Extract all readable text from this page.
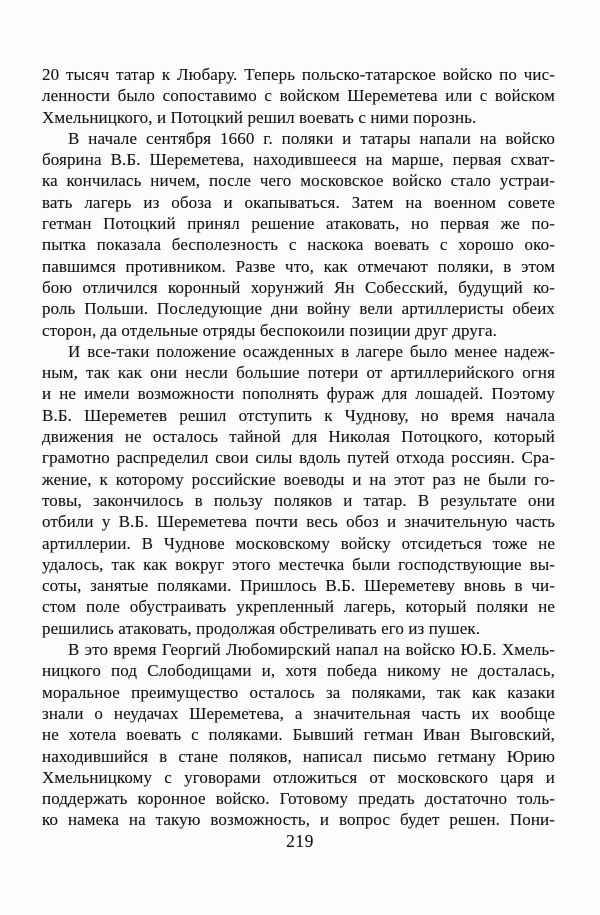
20 тысяч татар к Любару. Теперь польско-татарское войско по чис-
ленности было сопоставимо с войском Шереметева или с войском
Хмельницкого, и Потоцкий решил воевать с ними порознь.
В начале сентября 1660 г. поляки и татары напали на войско
боярина В.Б. Шереметева, находившееся на марше, первая схват-
ка кончилась ничем, после чего московское войско стало устраи-
вать лагерь из обоза и окапываться. Затем на военном совете
гетман Потоцкий принял решение атаковать, но первая же по-
пытка показала бесполезность с наскока воевать с хорошо око-
павшимся противником. Разве что, как отмечают поляки, в этом
бою отличился коронный хорунжий Ян Собесский, будущий ко-
роль Польши. Последующие дни войну вели артиллеристы обеих
сторон, да отдельные отряды беспокоили позиции друг друга.
И все-таки положение осажденных в лагере было менее надеж-
ным, так как они несли большие потери от артиллерийского огня
и не имели возможности пополнять фураж для лошадей. Поэтому
В.Б. Шереметев решил отступить к Чуднову, но время начала
движения не осталось тайной для Николая Потоцкого, который
грамотно распределил свои силы вдоль путей отхода россиян. Сра-
жение, к которому российские воеводы и на этот раз не были го-
товы, закончилось в пользу поляков и татар. В результате они
отбили у В.Б. Шереметева почти весь обоз и значительную часть
артиллерии. В Чуднове московскому войску отсидеться тоже не
удалось, так как вокруг этого местечка были господствующие вы-
соты, занятые поляками. Пришлось В.Б. Шереметеву вновь в чи-
стом поле обустраивать укрепленный лагерь, который поляки не
решились атаковать, продолжая обстреливать его из пушек.
В это время Георгий Любомирский напал на войско Ю.Б. Хмель-
ницкого под Слободищами и, хотя победа никому не досталась,
моральное преимущество осталось за поляками, так как казаки
знали о неудачах Шереметева, а значительная часть их вообще
не хотела воевать с поляками. Бывший гетман Иван Выговский,
находившийся в стане поляков, написал письмо гетману Юрию
Хмельницкому с уговорами отложиться от московского царя и
поддержать коронное войско. Готовому предать достаточно толь-
ко намека на такую возможность, и вопрос будет решен. Пони-
219
